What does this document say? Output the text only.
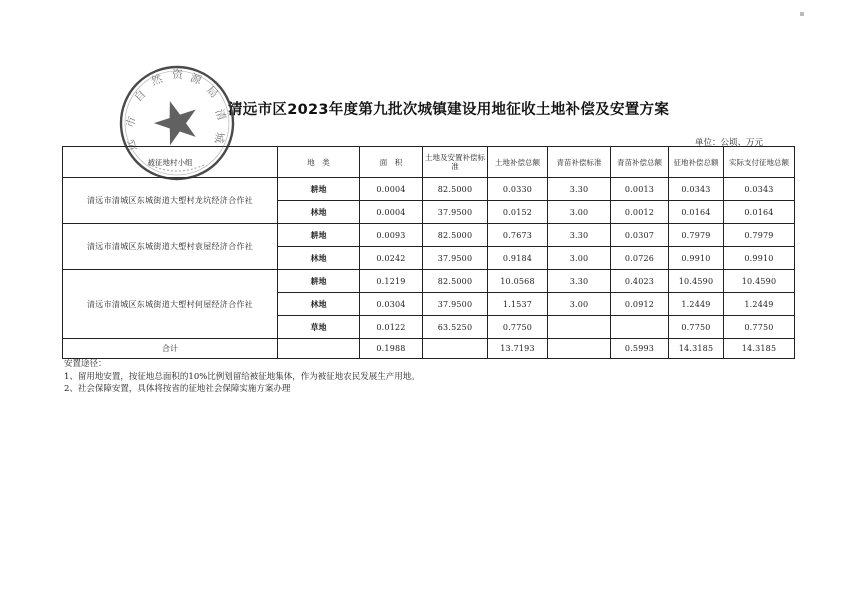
清远市区2023年度第九批次城镇建设用地征收土地补偿及安置方案
单位：公顷、万元
被征地村小组	地　类	面　积	土地及安置补偿标准	土地补偿总额	青苗补偿标准	青苗补偿总额	征地补偿总额	实际支付征地总额
清远市清城区东城街道大塱村龙坑经济合作社	耕地	0.0004	82.5000	0.0330	3.30	0.0013	0.0343	0.0343
	林地	0.0004	37.9500	0.0152	3.00	0.0012	0.0164	0.0164
清远市清城区东城街道大塱村袁屋经济合作社	耕地	0.0093	82.5000	0.7673	3.30	0.0307	0.7979	0.7979
	林地	0.0242	37.9500	0.9184	3.00	0.0726	0.9910	0.9910
清远市清城区东城街道大塱村何屋经济合作社	耕地	0.1219	82.5000	10.0568	3.30	0.4023	10.4590	10.4590
	林地	0.0304	37.9500	1.1537	3.00	0.0912	1.2449	1.2449
	草地	0.0122	63.5250	0.7750			0.7750	0.7750
合计		0.1988		13.7193		0.5993	14.3185	14.3185
安置途径：
1、留用地安置，按征地总面积的10%比例划留给被征地集体，作为被征地农民发展生产用地。
2、社会保障安置，具体将按省的征地社会保障实施方案办理
市
自
然 资 源
局
清
城
远
